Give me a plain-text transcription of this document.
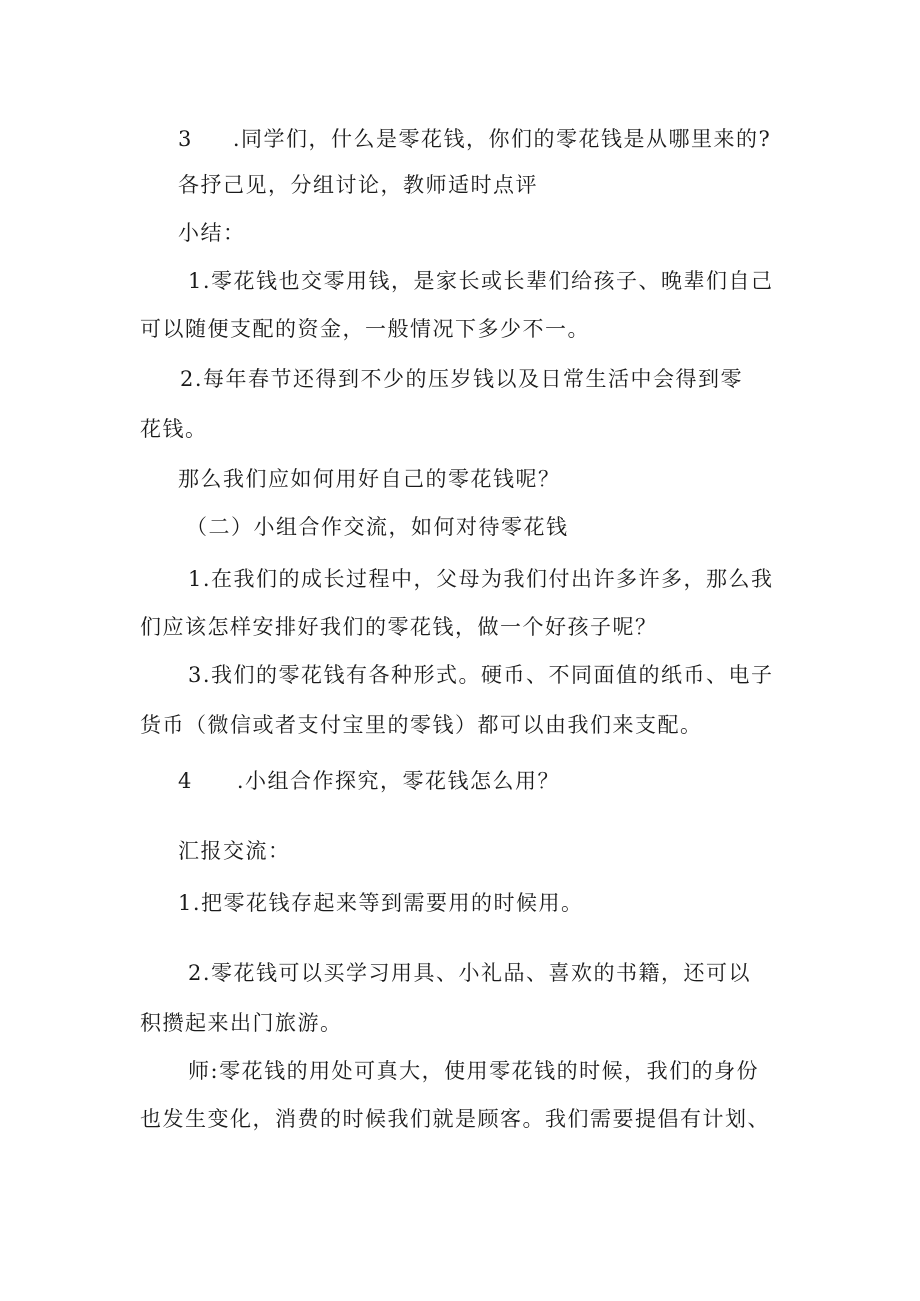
3 .同学们，什么是零花钱，你们的零花钱是从哪里来的?
各抒己见，分组讨论，教师适时点评
小结：
1.零花钱也交零用钱，是家长或长辈们给孩子、晚辈们自己
可以随便支配的资金，一般情况下多少不一。
2.每年春节还得到不少的压岁钱以及日常生活中会得到零
花钱。
那么我们应如何用好自己的零花钱呢？
（二）小组合作交流，如何对待零花钱
1.在我们的成长过程中，父母为我们付出许多许多，那么我
们应该怎样安排好我们的零花钱，做一个好孩子呢？
3.我们的零花钱有各种形式。硬币、不同面值的纸币、电子
货币（微信或者支付宝里的零钱）都可以由我们来支配。
4 .小组合作探究，零花钱怎么用？
汇报交流：
1.把零花钱存起来等到需要用的时候用。
2.零花钱可以买学习用具、小礼品、喜欢的书籍，还可以
积攒起来出门旅游。
师:零花钱的用处可真大，使用零花钱的时候，我们的身份
也发生变化，消费的时候我们就是顾客。我们需要提倡有计划、
